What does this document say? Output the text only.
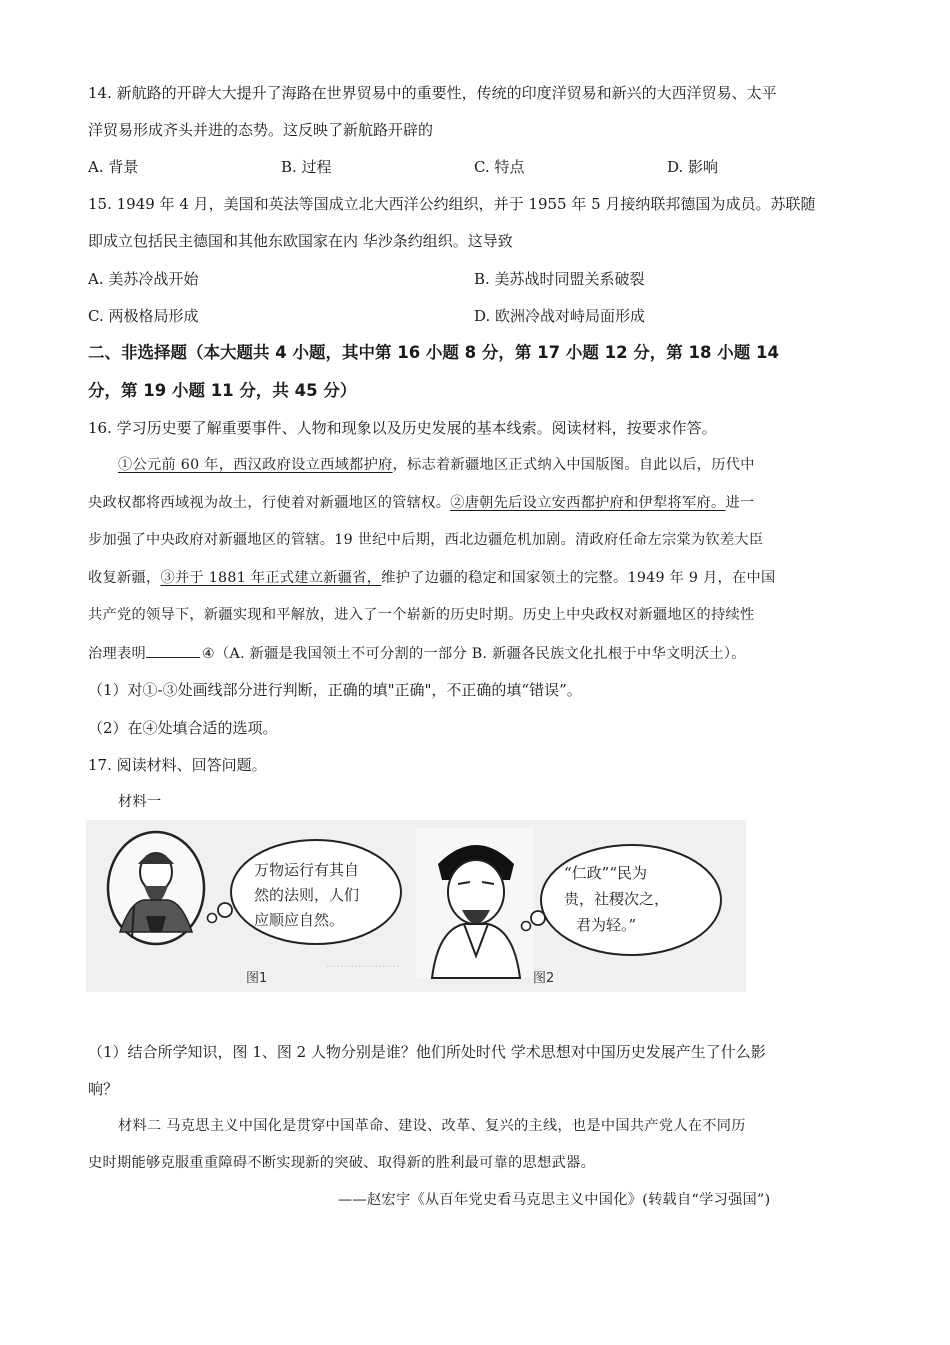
14. 新航路的开辟大大提升了海路在世界贸易中的重要性，传统的印度洋贸易和新兴的大西洋贸易、太平
洋贸易形成齐头并进的态势。这反映了新航路开辟的
A. 背景	B. 过程	C. 特点	D. 影响
15. 1949 年 4 月，美国和英法等国成立北大西洋公约组织，并于 1955 年 5 月接纳联邦德国为成员。苏联随
即成立包括民主德国和其他东欧国家在内 华沙条约组织。这导致
A. 美苏冷战开始	B. 美苏战时同盟关系破裂
C. 两极格局形成	D. 欧洲冷战对峙局面形成
二、非选择题（本大题共 4 小题，其中第 16 小题 8 分，第 17 小题 12 分，第 18 小题 14
分，第 19 小题 11 分，共 45 分）
16. 学习历史要了解重要事件、人物和现象以及历史发展的基本线索。阅读材料，按要求作答。
①公元前 60 年，西汉政府设立西域都护府，标志着新疆地区正式纳入中国版图。自此以后，历代中
央政权都将西域视为故土，行使着对新疆地区的管辖权。②唐朝先后设立安西都护府和伊犁将军府。进一
步加强了中央政府对新疆地区的管辖。19 世纪中后期，西北边疆危机加剧。清政府任命左宗棠为钦差大臣
收复新疆，③并于 1881 年正式建立新疆省，维护了边疆的稳定和国家领土的完整。1949 年 9 月，在中国
共产党的领导下，新疆实现和平解放，进入了一个崭新的历史时期。历史上中央政权对新疆地区的持续性
治理表明	④（A. 新疆是我国领土不可分割的一部分 B. 新疆各民族文化扎根于中华文明沃土）。
（1）对①-③处画线部分进行判断，正确的填"正确"，不正确的填“错误”。
（2）在④处填合适的选项。
17. 阅读材料、回答问题。
材料一
·····················
万物运行有其自
然的法则，人们
应顺应自然。
图1
“仁政”“民为
贵，社稷次之，
君为轻。”
图2
（1）结合所学知识，图 1、图 2 人物分别是谁？他们所处时代 学术思想对中国历史发展产生了什么影
响？
材料二 马克思主义中国化是贯穿中国革命、建设、改革、复兴的主线，也是中国共产党人在不同历
史时期能够克服重重障碍不断实现新的突破、取得新的胜利最可靠的思想武器。
——赵宏宇《从百年党史看马克思主义中国化》(转载自“学习强国”)
